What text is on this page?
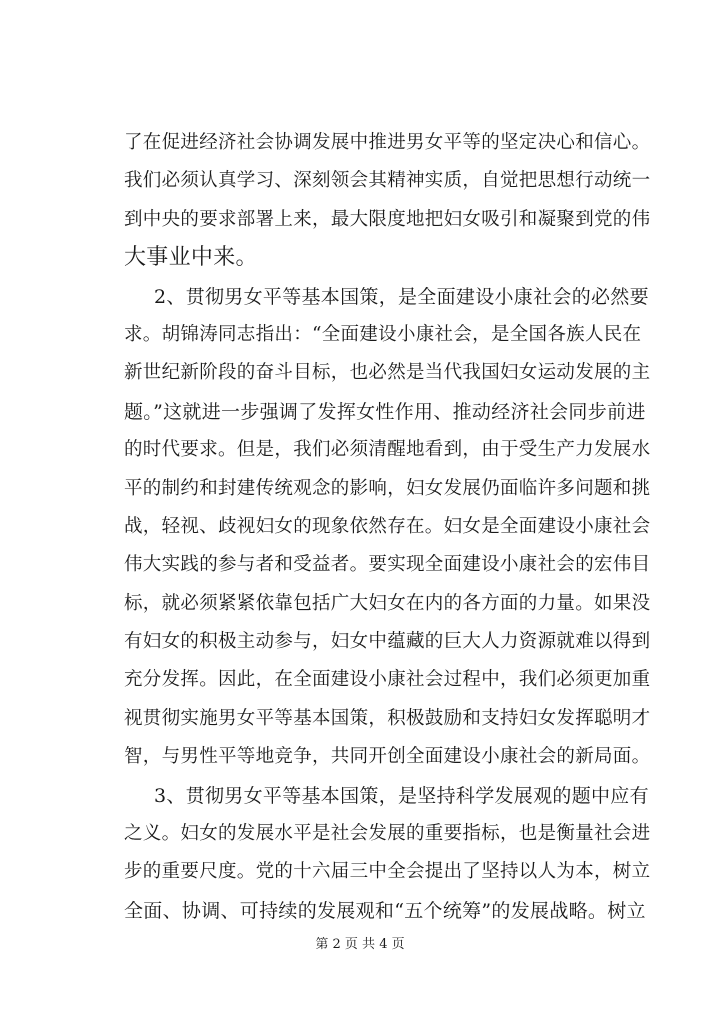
了在促进经济社会协调发展中推进男女平等的坚定决心和信心。
我们必须认真学习、深刻领会其精神实质，自觉把思想行动统一
到中央的要求部署上来，最大限度地把妇女吸引和凝聚到党的伟
大事业中来。
2、贯彻男女平等基本国策，是全面建设小康社会的必然要
求。胡锦涛同志指出：“全面建设小康社会，是全国各族人民在
新世纪新阶段的奋斗目标，也必然是当代我国妇女运动发展的主
题。”这就进一步强调了发挥女性作用、推动经济社会同步前进
的时代要求。但是，我们必须清醒地看到，由于受生产力发展水
平的制约和封建传统观念的影响，妇女发展仍面临许多问题和挑
战，轻视、歧视妇女的现象依然存在。妇女是全面建设小康社会
伟大实践的参与者和受益者。要实现全面建设小康社会的宏伟目
标，就必须紧紧依靠包括广大妇女在内的各方面的力量。如果没
有妇女的积极主动参与，妇女中蕴藏的巨大人力资源就难以得到
充分发挥。因此，在全面建设小康社会过程中，我们必须更加重
视贯彻实施男女平等基本国策，积极鼓励和支持妇女发挥聪明才
智，与男性平等地竞争，共同开创全面建设小康社会的新局面。
3、贯彻男女平等基本国策，是坚持科学发展观的题中应有
之义。妇女的发展水平是社会发展的重要指标，也是衡量社会进
步的重要尺度。党的十六届三中全会提出了坚持以人为本，树立
全面、协调、可持续的发展观和“五个统筹”的发展战略。树立
第 2 页 共 4 页
